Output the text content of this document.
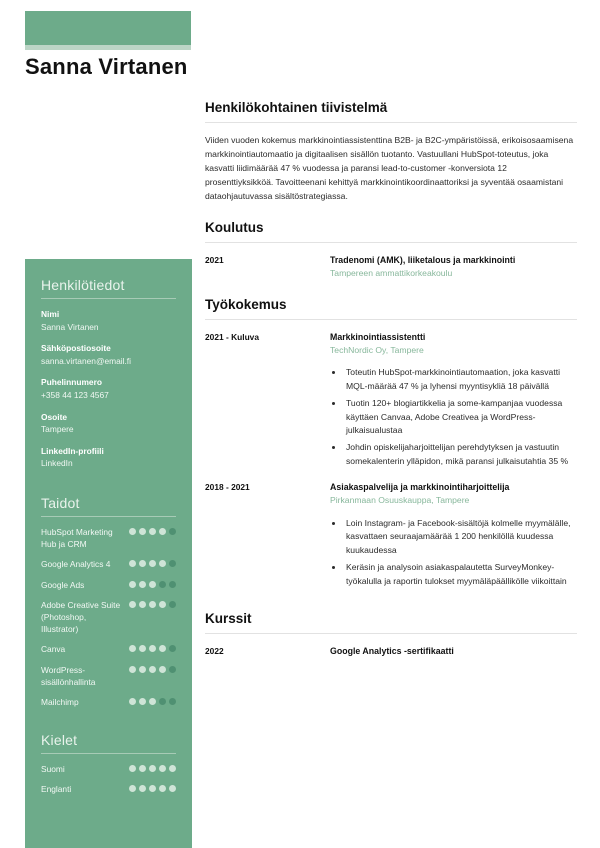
Sanna Virtanen
Henkilötiedot
Nimi
Sanna Virtanen
Sähköpostiosoite
sanna.virtanen@email.fi
Puhelinnumero
+358 44 123 4567
Osoite
Tampere
LinkedIn-profiili
LinkedIn
Taidot
HubSpot Marketing Hub ja CRM
Google Analytics 4
Google Ads
Adobe Creative Suite (Photoshop, Illustrator)
Canva
WordPress-sisällönhallinta
Mailchimp
Kielet
Suomi
Englanti
Henkilökohtainen tiivistelmä

Viiden vuoden kokemus markkinointiassistenttina B2B- ja B2C-ympäristöissä, erikoisosaamisena markkinointiautomaatio ja digitaalisen sisällön tuotanto. Vastuullani HubSpot-toteutus, joka kasvatti liidimäärää 47 % vuodessa ja paransi lead-to-customer -konversiota 12 prosenttiyksikköä. Tavoitteenani kehittyä markkinointikoordinaattoriksi ja syventää osaamistani dataohjautuvassa sisältöstrategiassa.

Koulutus
2021	Tradenomi (AMK), liiketalous ja markkinointi
Tampereen ammattikorkeakoulu
Työkokemus
2021 - Kuluva	Markkinointiassistentti
TechNordic Oy, Tampere
• Toteutin HubSpot-markkinointiautomaation, joka kasvatti MQL-määrää 47 % ja lyhensi myyntisykliä 18 päivällä
• Tuotin 120+ blogiartikkelia ja some-kampanjaa vuodessa käyttäen Canvaa, Adobe Creativea ja WordPress-julkaisualustaa
• Johdin opiskelijaharjoittelijan perehdytyksen ja vastuutin somekalenterin ylläpidon, mikä paransi julkaisutahtia 35 %
2018 - 2021	Asiakaspalvelija ja markkinointiharjoittelija
Pirkanmaan Osuuskauppa, Tampere
• Loin Instagram- ja Facebook-sisältöjä kolmelle myymälälle, kasvattaen seuraajamäärää 1 200 henkilöllä kuudessa kuukaudessa
• Keräsin ja analysoin asiakaspalautetta SurveyMonkey-työkalulla ja raportin tulokset myymäläpäällikölle viikoittain
Kurssit
2022	Google Analytics -sertifikaatti
